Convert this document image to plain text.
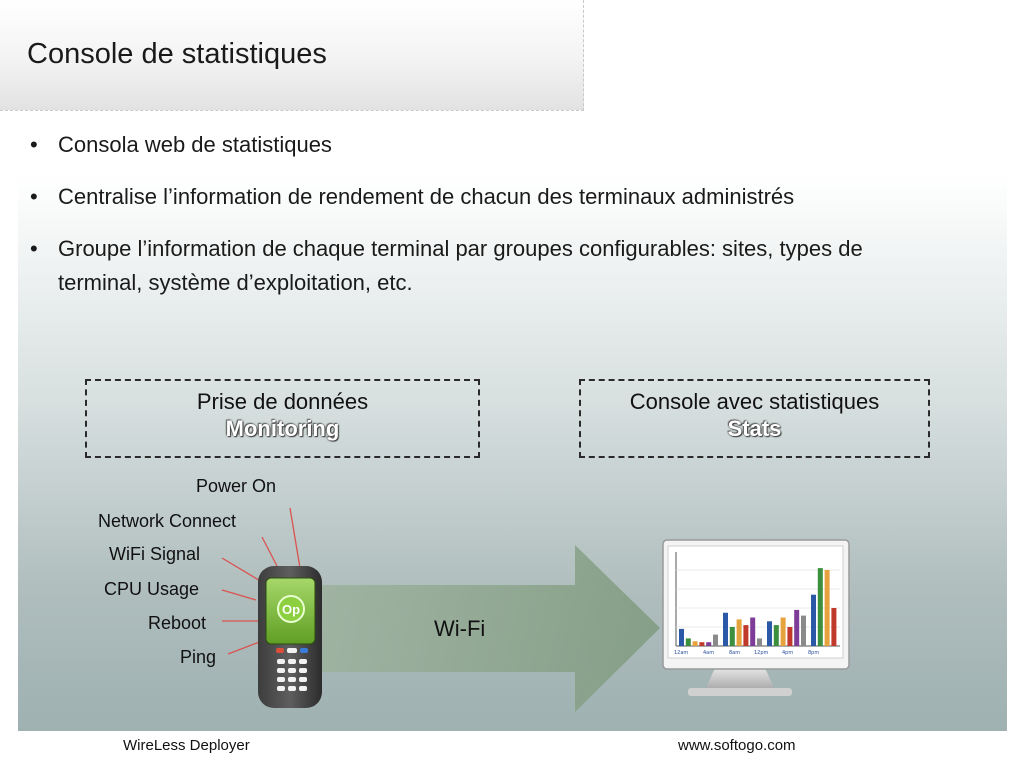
Console de statistiques
• Consola web de statistiques
• Centralise l’information de rendement de chacun des terminaux administrés
• Groupe l’information de chaque terminal par groupes configurables: sites, types de terminal, système d’exploitation, etc.
Prise de données
Monitoring
Console avec statistiques
Stats
Op
12am	4am	8am	12pm	4pm	8pm
Power On
Network Connect
WiFi Signal
CPU Usage
Reboot
Ping
Wi-Fi
WireLess Deployer	www.softogo.com
